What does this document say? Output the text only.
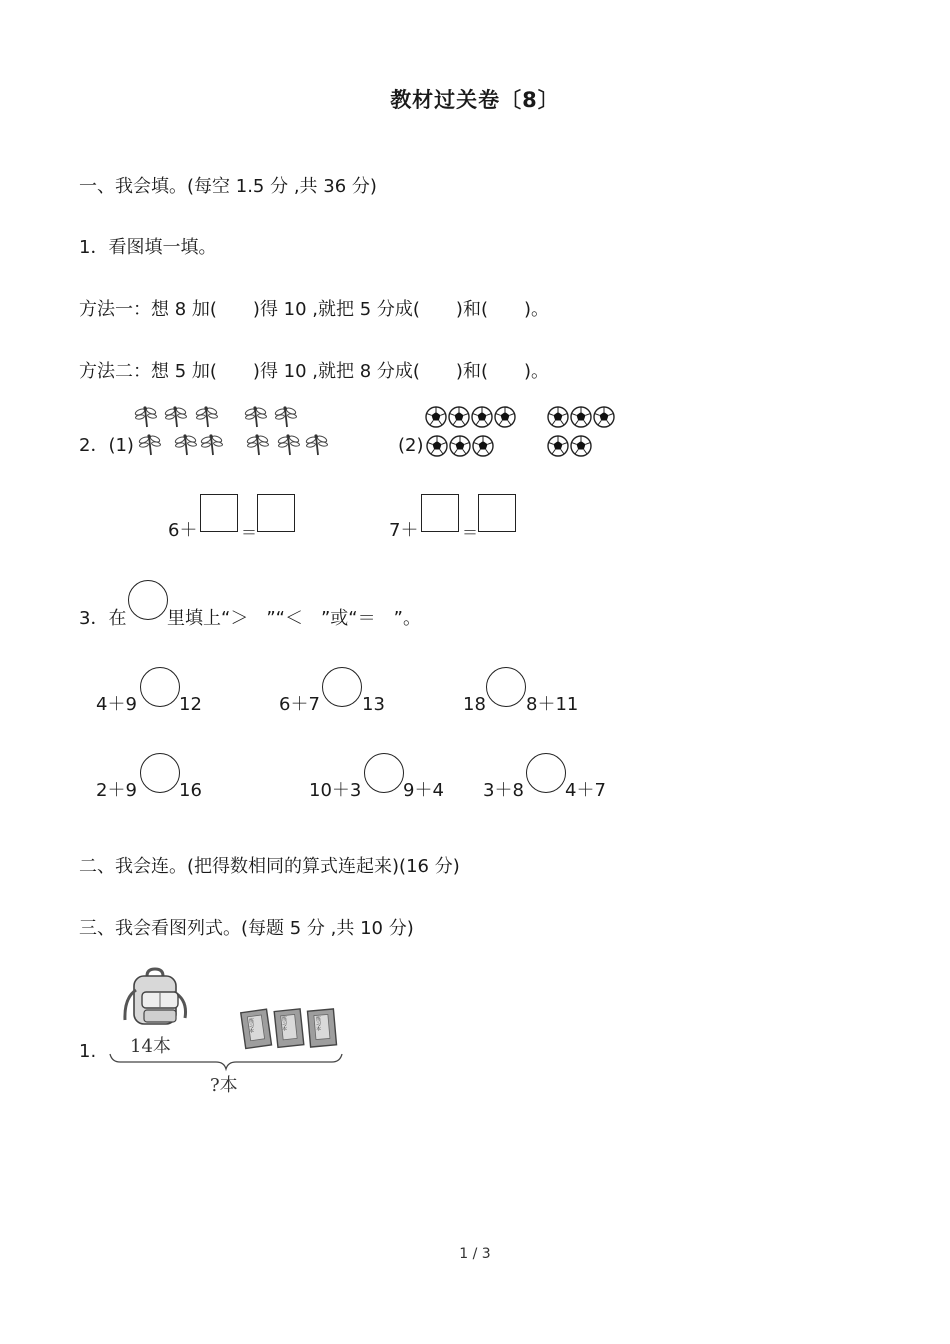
教材过关卷〔8〕
一、我会填。(每空 1.5 分 ,共 36 分)
1．看图填一填。
方法一：想 8 加(　　)得 10 ,就把 5 分成(　　)和(　　)。
方法二：想 5 加(　　)得 10 ,就把 8 分成(　　)和(　　)。
2．(1)	(2)
6＋	＝	7＋	＝
3．在 里填上“＞　”“＜　”或“＝　”。
4＋9 12	6＋7 13	18 8＋11
2＋9 16	10＋3 9＋4 3＋8 4＋7
二、我会连。(把得数相同的算式连起来)(16 分)
三、我会看图列式。(每题 5 分 ,共 10 分)
1. 14本
练习本	练习本	练习本
?本
1 / 3
